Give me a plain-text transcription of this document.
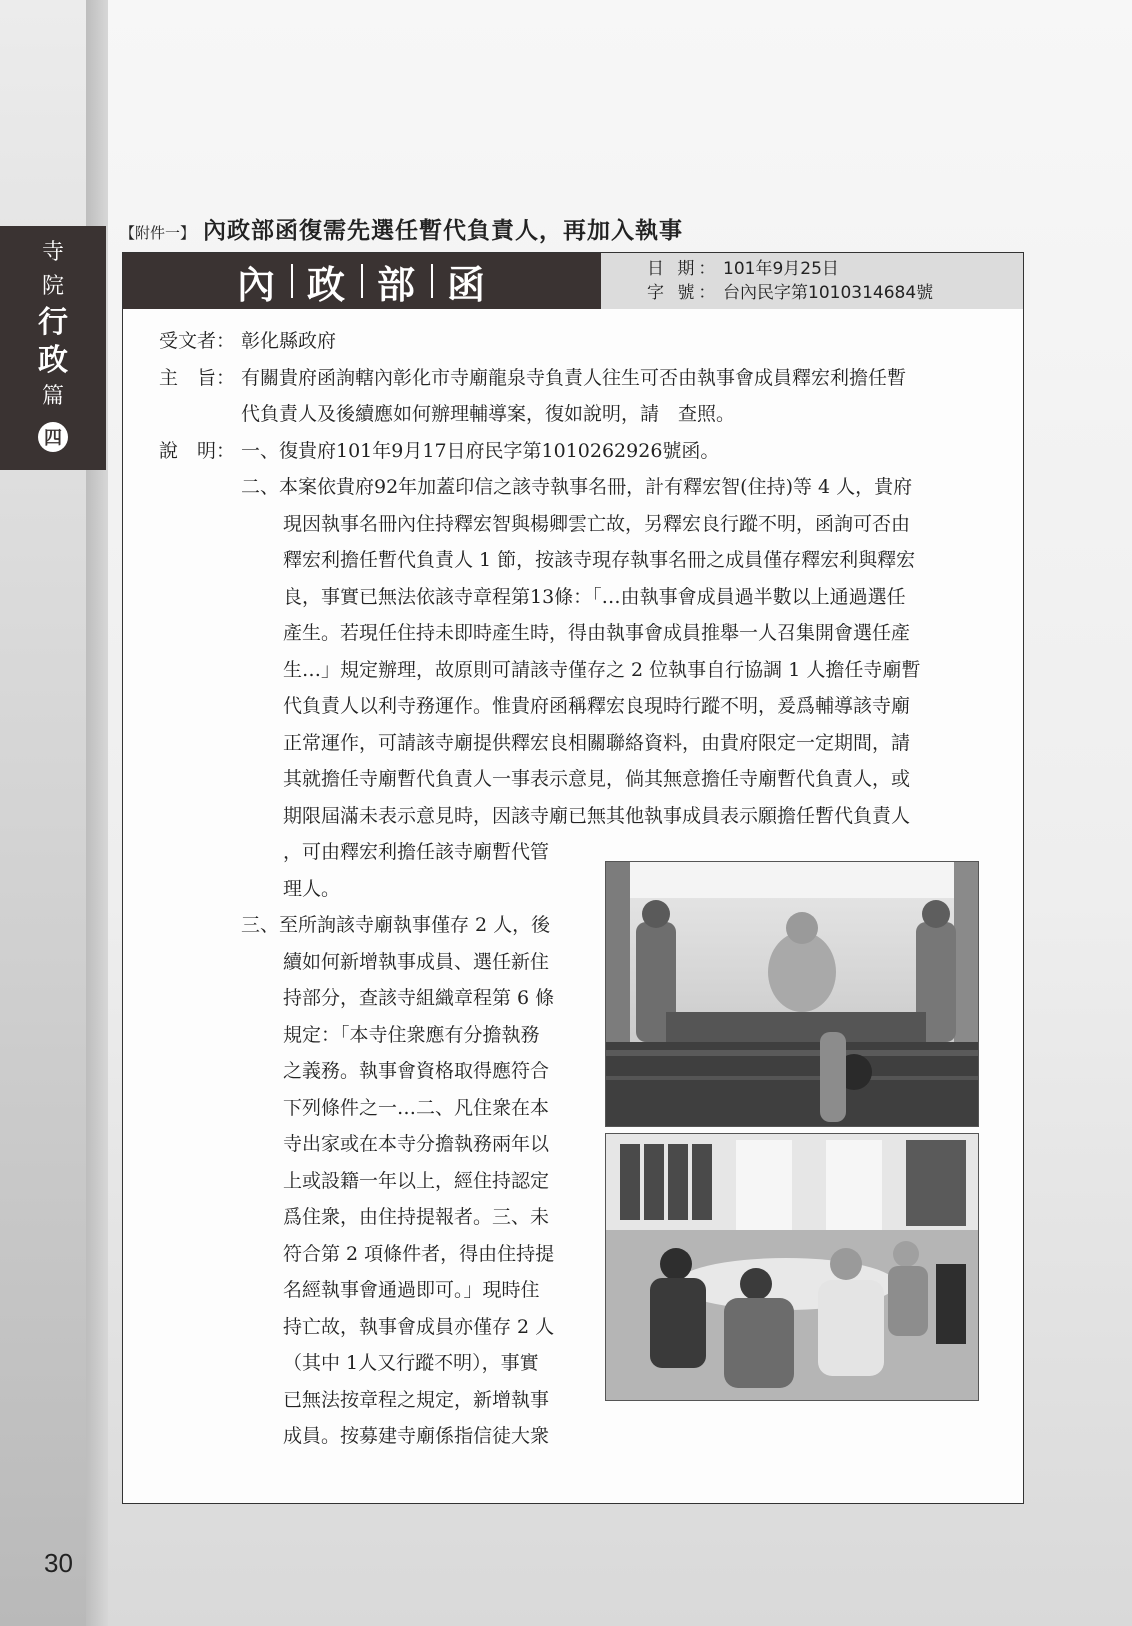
寺
院
行
政
篇
四
30
【附件一】 內政部函復需先選任暫代負責人，再加入執事
內 政 部 函	日 期： 101年9月25日
字 號： 台內民字第1010314684號
受文者： 彰化縣政府
主　旨： 有關貴府函詢轄內彰化市寺廟龍泉寺負責人往生可否由執事會成員釋宏利擔任暫
代負責人及後續應如何辦理輔導案，復如說明，請　查照。
說　明： 一、復貴府101年9月17日府民字第1010262926號函。
二、本案依貴府92年加蓋印信之該寺執事名冊，計有釋宏智(住持)等 4 人，貴府
現因執事名冊內住持釋宏智與楊卿雲亡故，另釋宏良行蹤不明，函詢可否由
釋宏利擔任暫代負責人 1 節，按該寺現存執事名冊之成員僅存釋宏利與釋宏
良，事實已無法依該寺章程第13條：「…由執事會成員過半數以上通過選任
產生。若現任住持未即時產生時，得由執事會成員推舉一人召集開會選任產
生…」規定辦理，故原則可請該寺僅存之 2 位執事自行協調 1 人擔任寺廟暫
代負責人以利寺務運作。惟貴府函稱釋宏良現時行蹤不明，爰爲輔導該寺廟
正常運作，可請該寺廟提供釋宏良相關聯絡資料，由貴府限定一定期間，請
其就擔任寺廟暫代負責人一事表示意見，倘其無意擔任寺廟暫代負責人，或
期限屆滿未表示意見時，因該寺廟已無其他執事成員表示願擔任暫代負責人
，可由釋宏利擔任該寺廟暫代管
理人。
三、至所詢該寺廟執事僅存 2 人，後
續如何新增執事成員、選任新住
持部分，查該寺組織章程第 6 條
規定：「本寺住衆應有分擔執務
之義務。執事會資格取得應符合
下列條件之一…二、凡住衆在本
寺出家或在本寺分擔執務兩年以
上或設籍一年以上，經住持認定
爲住衆，由住持提報者。三、未
符合第 2 項條件者，得由住持提
名經執事會通過即可。」現時住
持亡故，執事會成員亦僅存 2 人
（其中 1人又行蹤不明），事實
已無法按章程之規定，新增執事
成員。按募建寺廟係指信徒大衆
